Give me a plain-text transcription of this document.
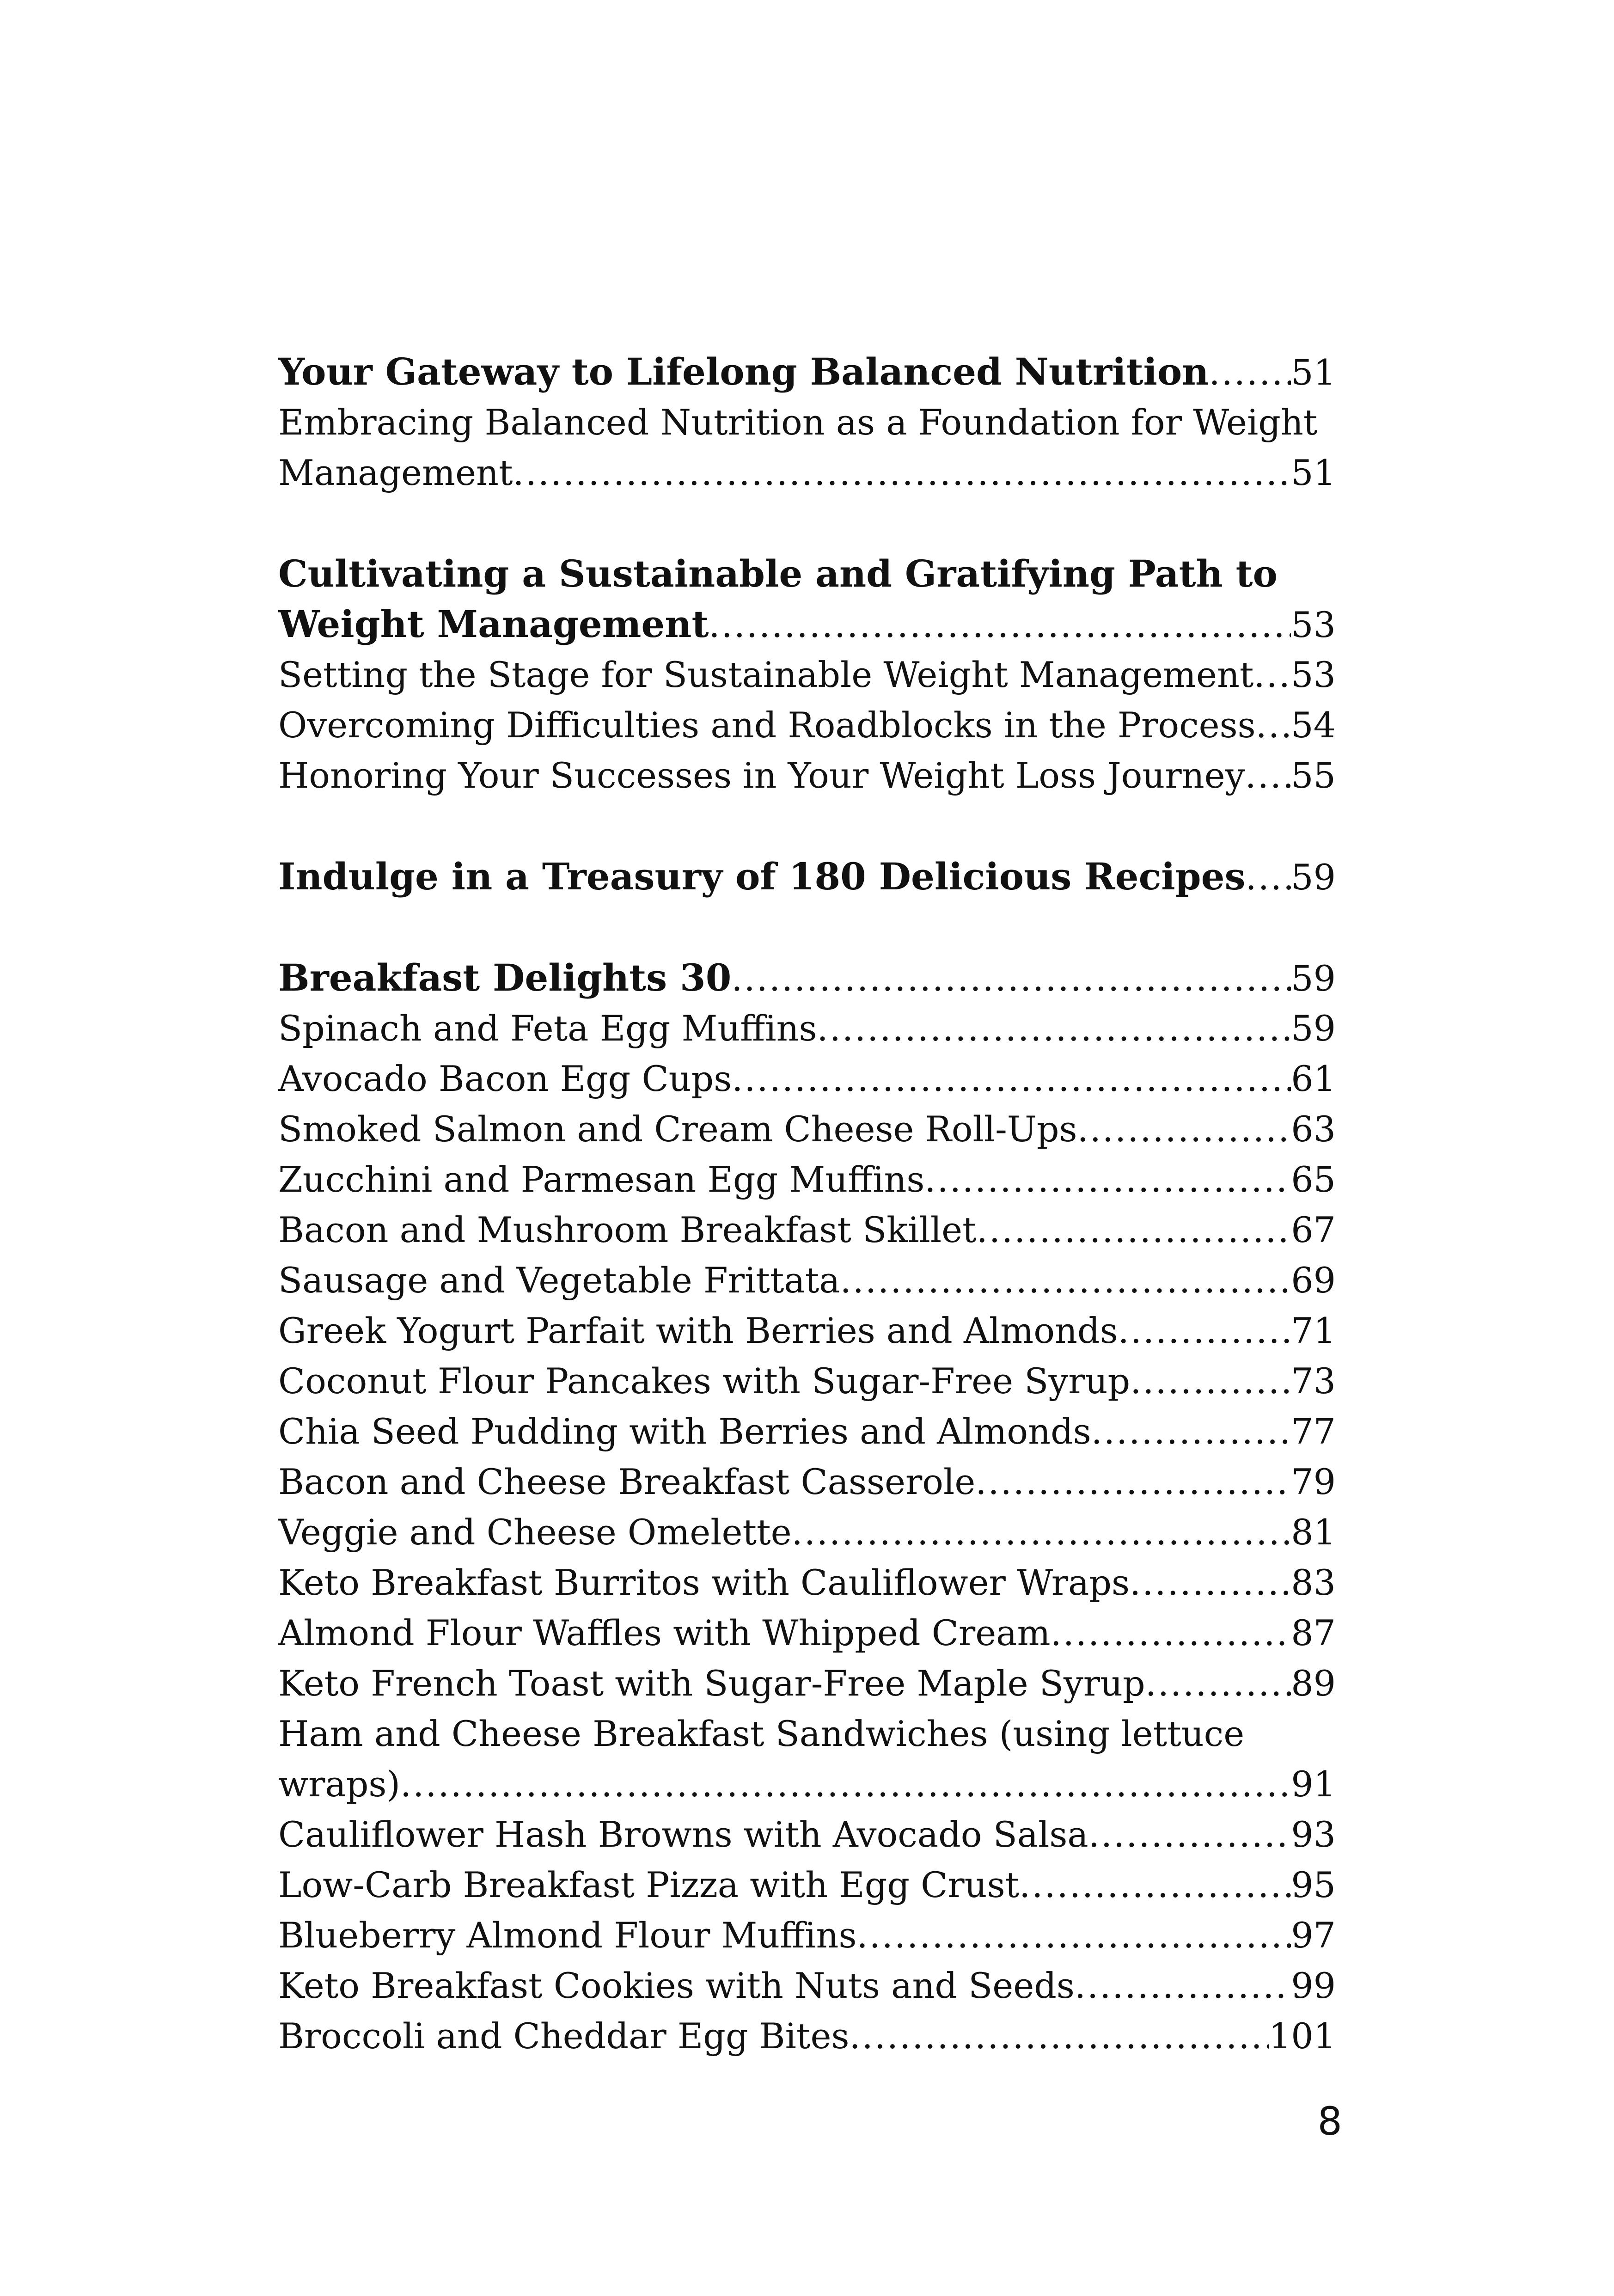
Your Gateway to Lifelong Balanced Nutrition ..... 51
Embracing Balanced Nutrition as a Foundation for Weight
Management .....	51
Cultivating a Sustainable and Gratifying Path to
Weight Management .....	53
Setting the Stage for Sustainable Weight Management ..... 53
Overcoming Difficulties and Roadblocks in the Process ..... 54
Honoring Your Successes in Your Weight Loss Journey ..... 55
Indulge in a Treasury of 180 Delicious Recipes ..... 59
Breakfast Delights 30 .....	59
Spinach and Feta Egg Muffins .....	59
Avocado Bacon Egg Cups .....	61
Smoked Salmon and Cream Cheese Roll-Ups .....	63
Zucchini and Parmesan Egg Muffins .....	65
Bacon and Mushroom Breakfast Skillet .....	67
Sausage and Vegetable Frittata .....	69
Greek Yogurt Parfait with Berries and Almonds .....	71
Coconut Flour Pancakes with Sugar-Free Syrup .....	73
Chia Seed Pudding with Berries and Almonds .....	77
Bacon and Cheese Breakfast Casserole .....	79
Veggie and Cheese Omelette .....	81
Keto Breakfast Burritos with Cauliflower Wraps .....	83
Almond Flour Waffles with Whipped Cream .....	87
Keto French Toast with Sugar-Free Maple Syrup .....	89
Ham and Cheese Breakfast Sandwiches (using lettuce
wraps) .....	91
Cauliflower Hash Browns with Avocado Salsa .....	93
Low-Carb Breakfast Pizza with Egg Crust .....	95
Blueberry Almond Flour Muffins .....	97
Keto Breakfast Cookies with Nuts and Seeds .....	99
Broccoli and Cheddar Egg Bites .....	101
8
